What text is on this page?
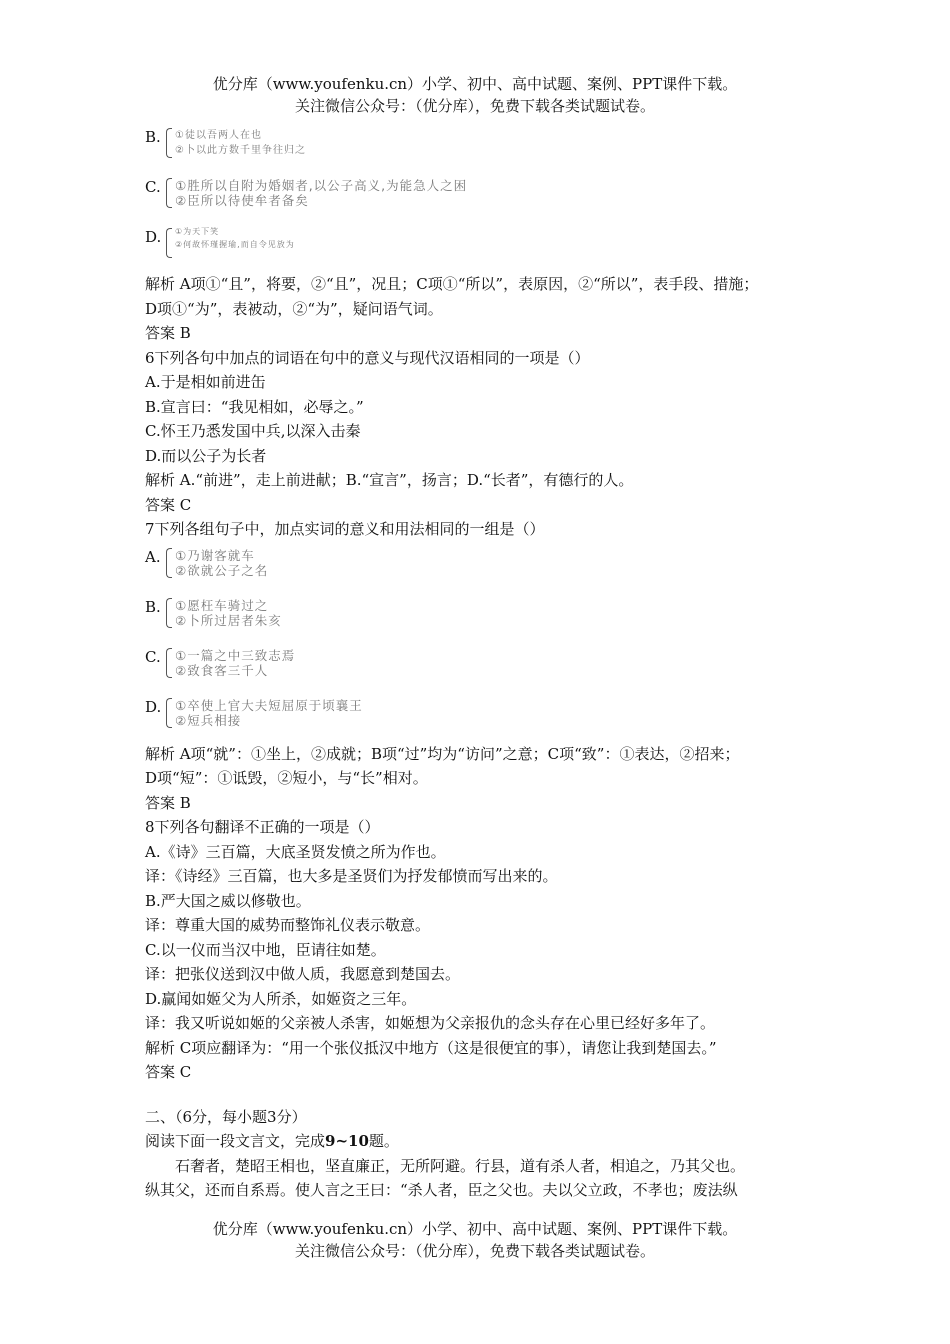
优分库（www.youfenku.cn）小学、初中、高中试题、案例、PPT课件下载。
关注微信公众号：（优分库），免费下载各类试题试卷。
B. ①徒以吾两人在也
②卜以此方数千里争往归之
C. ①胜所以自附为婚姻者,以公子高义,为能急人之困
②臣所以待使牟者备矣
D. ①为天下笑
②何故怀瑾握瑜,而自令见放为
解析 A项①“且”，将要，②“且”，况且；C项①“所以”，表原因，②“所以”，表手段、措施；
D项①“为”，表被动，②“为”，疑问语气词。
答案 B
6下列各句中加点的词语在句中的意义与现代汉语相同的一项是（）
A.于是相如前进缶
B.宣言曰：“我见相如，必辱之。”
C.怀王乃悉发国中兵,以深入击秦
D.而以公子为长者
解析 A.“前进”，走上前进献；B.“宣言”，扬言；D.“长者”，有德行的人。
答案 C
7下列各组句子中，加点实词的意义和用法相同的一组是（）
A. ①乃谢客就车
②欲就公子之名
B. ①愿枉车骑过之
②卜所过居者朱亥
C. ①一篇之中三致志焉
②致食客三千人
D. ①卒使上官大夫短屈原于顷襄王
②短兵相接
解析 A项“就”：①坐上，②成就；B项“过”均为“访问”之意；C项“致”：①表达，②招来；
D项“短”：①诋毁，②短小，与“长”相对。
答案 B
8下列各句翻译不正确的一项是（）
A.《诗》三百篇，大底圣贤发愤之所为作也。
译：《诗经》三百篇，也大多是圣贤们为抒发郁愤而写出来的。
B.严大国之威以修敬也。
译：尊重大国的威势而整饰礼仪表示敬意。
C.以一仪而当汉中地，臣请往如楚。
译：把张仪送到汉中做人质，我愿意到楚国去。
D.赢闻如姬父为人所杀，如姬资之三年。
译：我又听说如姬的父亲被人杀害，如姬想为父亲报仇的念头存在心里已经好多年了。
解析 C项应翻译为：“用一个张仪抵汉中地方（这是很便宜的事），请您让我到楚国去。”
答案 C
二、（6分，每小题3分）
阅读下面一段文言文，完成9~10题。
石奢者，楚昭王相也，坚直廉正，无所阿避。行县，道有杀人者，相追之，乃其父也。
纵其父，还而自系焉。使人言之王曰：“杀人者，臣之父也。夫以父立政，不孝也；废法纵
优分库（www.youfenku.cn）小学、初中、高中试题、案例、PPT课件下载。
关注微信公众号：（优分库），免费下载各类试题试卷。
